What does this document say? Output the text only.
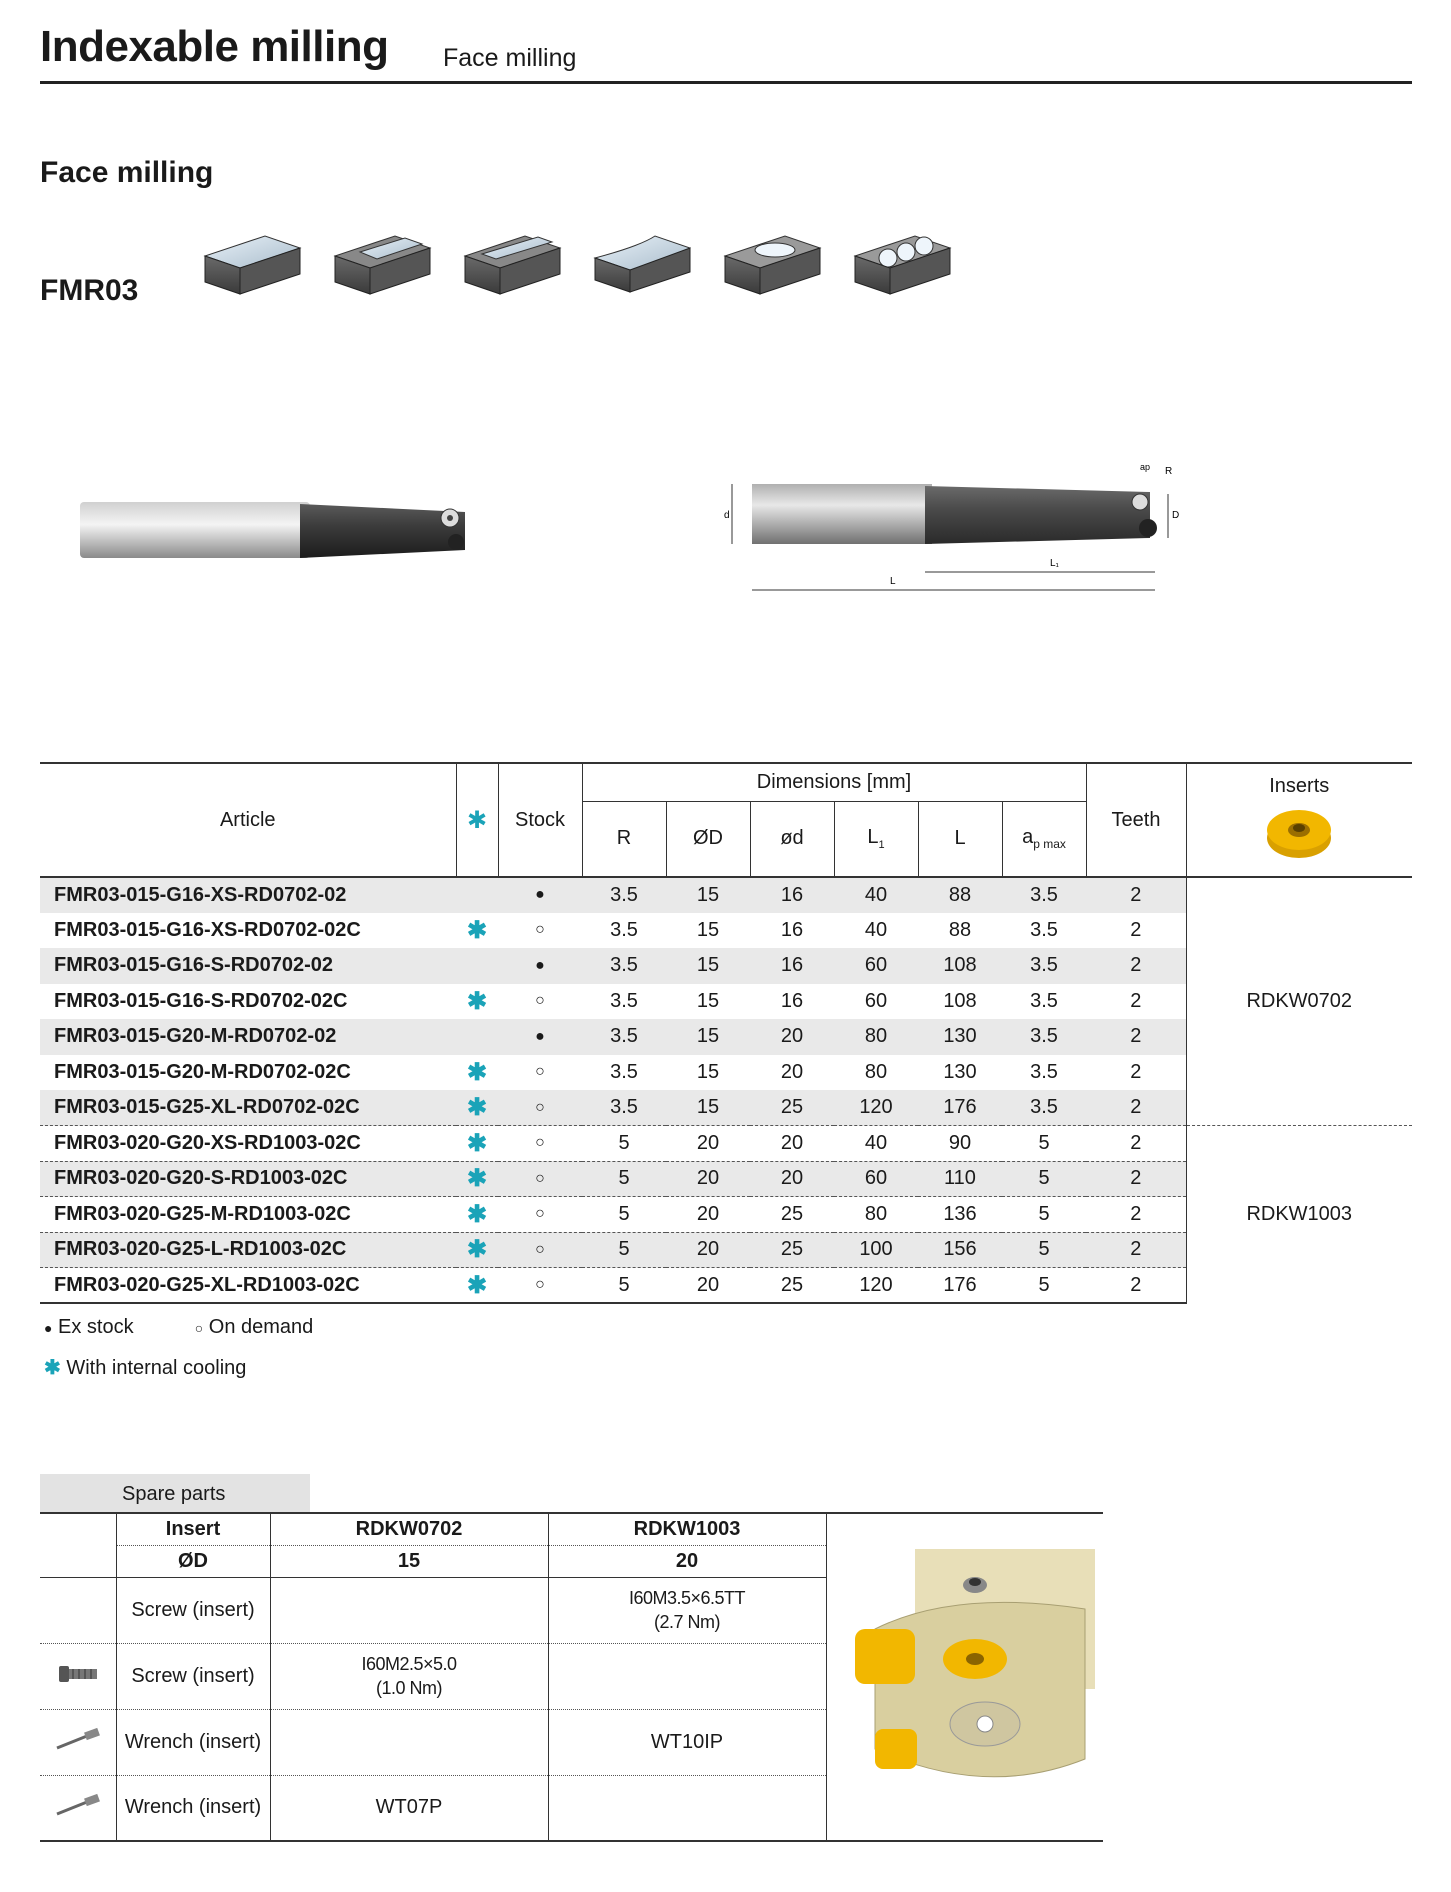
Indexable milling Face milling
Face milling
FMR03
d
L
L₁
D
ap R
Article	✱	Stock	Dimensions [mm]						Teeth	Inserts

			R	ØD	ød	$L_1$	L	$a_{p max}$
FMR03-015-G16-XS-RD0702-02		●	3.5	15	16	40	88	3.5	2	RDKW0702
FMR03-015-G16-XS-RD0702-02C	✱	○	3.5	15	16	40	88	3.5	2	
FMR03-015-G16-S-RD0702-02		●	3.5	15	16	60	108	3.5	2	
FMR03-015-G16-S-RD0702-02C	✱	○	3.5	15	16	60	108	3.5	2	
FMR03-015-G20-M-RD0702-02		●	3.5	15	20	80	130	3.5	2	
FMR03-015-G20-M-RD0702-02C	✱	○	3.5	15	20	80	130	3.5	2	
FMR03-015-G25-XL-RD0702-02C	✱	○	3.5	15	25	120	176	3.5	2	
FMR03-020-G20-XS-RD1003-02C	✱	○	5	20	20	40	90	5	2	RDKW1003
FMR03-020-G20-S-RD1003-02C	✱	○	5	20	20	60	110	5	2	
FMR03-020-G25-M-RD1003-02C	✱	○	5	20	25	80	136	5	2	
FMR03-020-G25-L-RD1003-02C	✱	○	5	20	25	100	156	5	2	
FMR03-020-G25-XL-RD1003-02C	✱	○	5	20	25	120	176	5	2	
● Ex stock	○ On demand
✱ With internal cooling
Spare parts
	Insert	RDKW0702	RDKW1003	
	ØD	15	20	
	Screw (insert)		I60M3.5×6.5TT
(2.7 Nm)	

	Screw (insert)	I60M2.5×5.0
(1.0 Nm)		

	Wrench (insert)		WT10IP	
	Wrench (insert)	WT07P		
